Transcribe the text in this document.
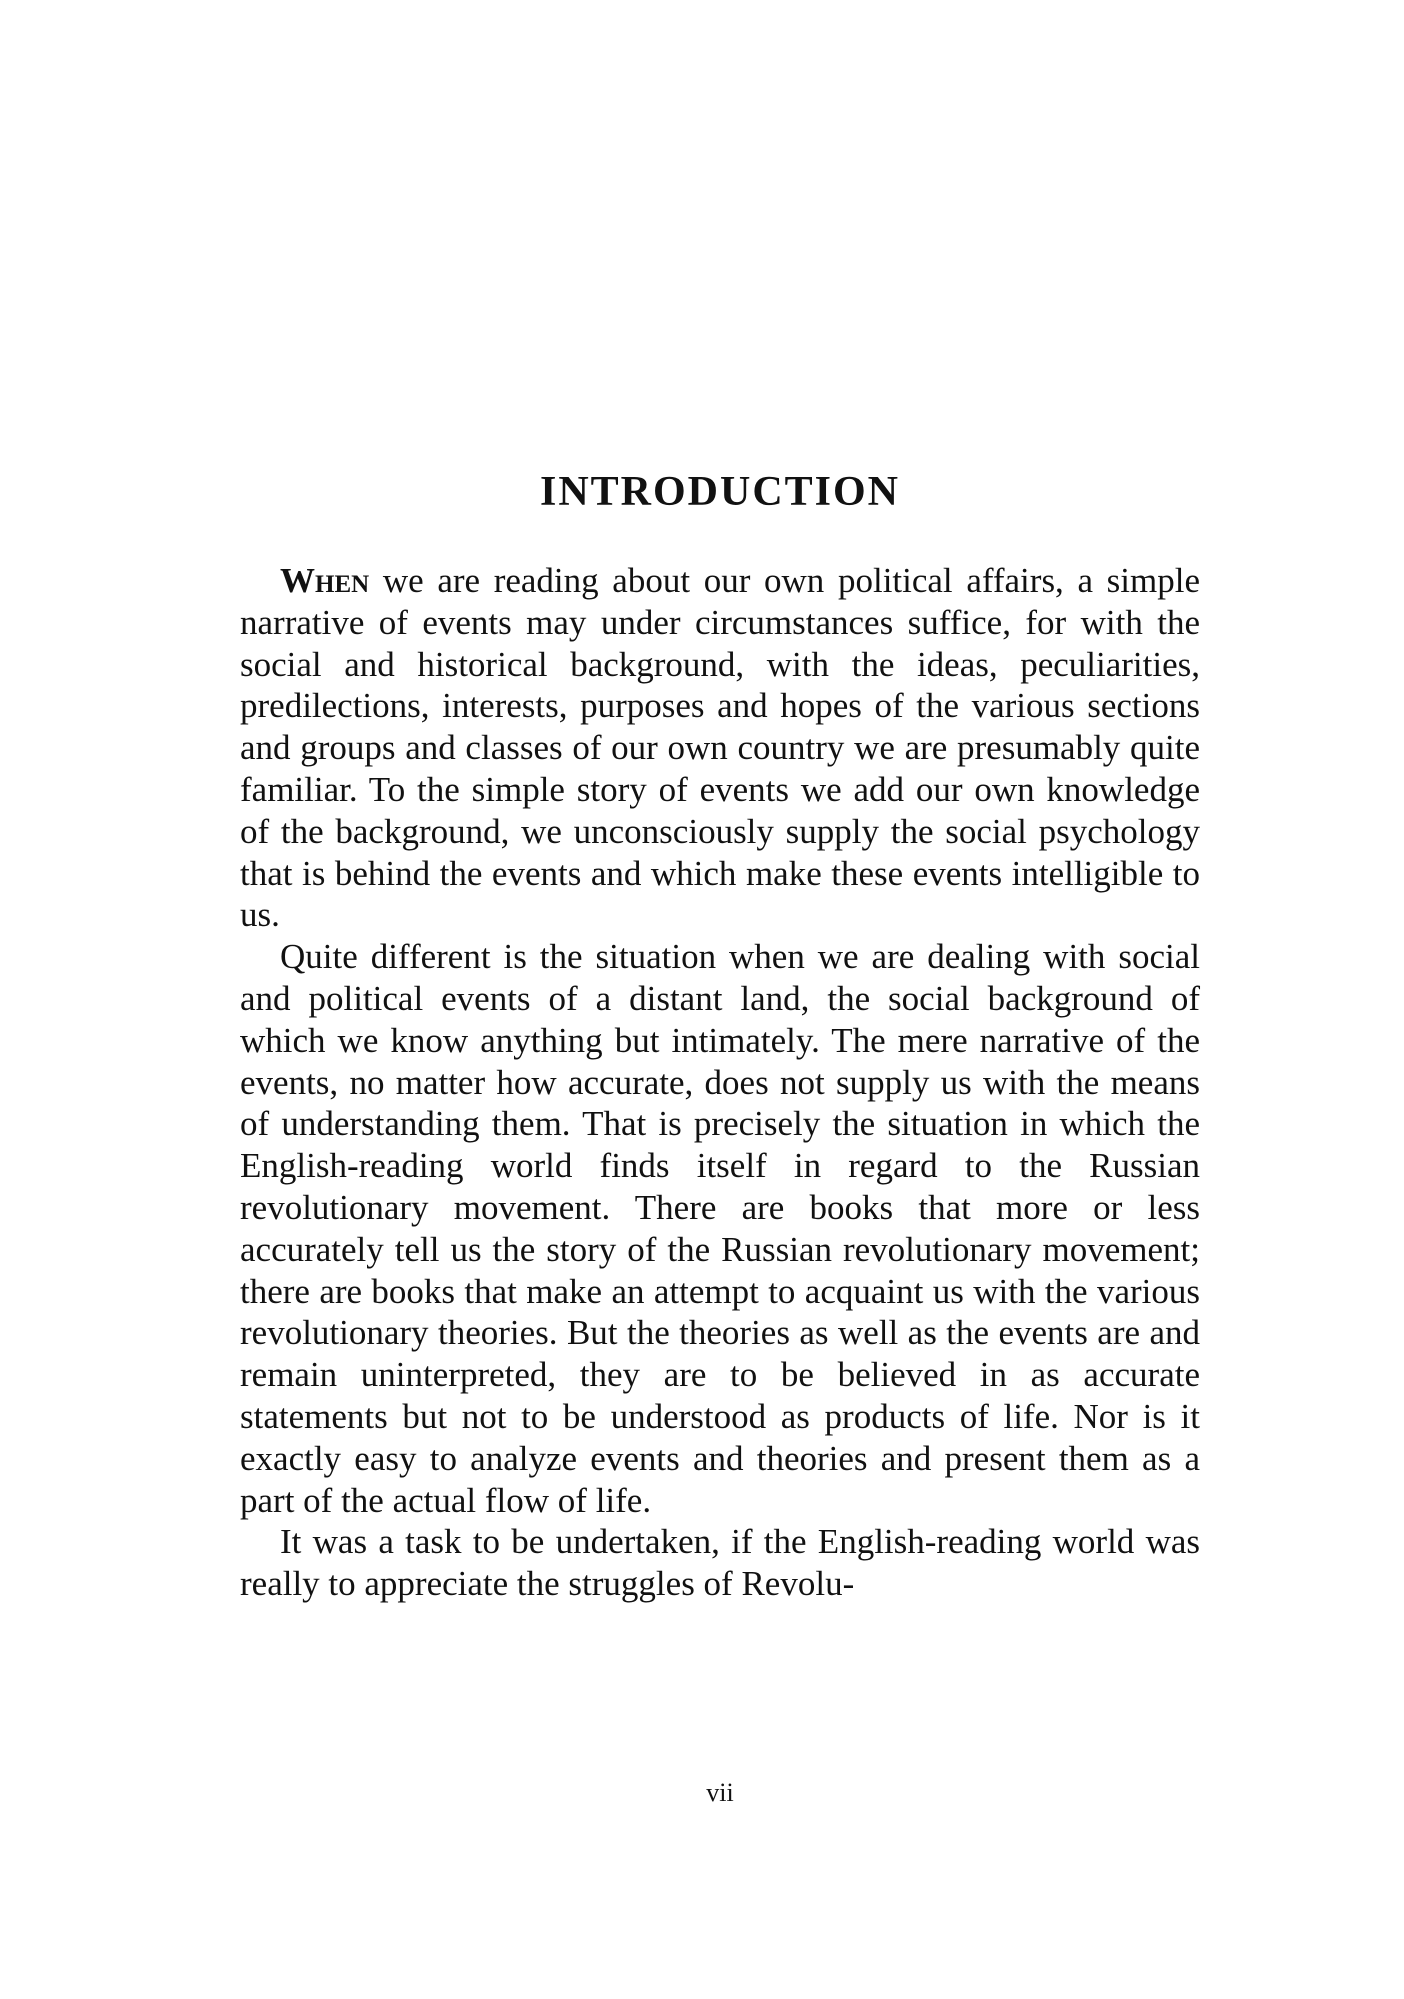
INTRODUCTION

When we are reading about our own political affairs, a simple narrative of events may under circumstances suffice, for with the social and historical background, with the ideas, peculiarities, predilections, interests, purposes and hopes of the various sections and groups and classes of our own country we are presumably quite familiar. To the simple story of events we add our own knowledge of the background, we unconsciously supply the social psychology that is behind the events and which make these events intelligible to us.

Quite different is the situation when we are dealing with social and political events of a distant land, the social background of which we know anything but intimately. The mere narrative of the events, no matter how accurate, does not supply us with the means of understanding them. That is precisely the situation in which the English-reading world finds itself in regard to the Russian revolutionary movement. There are books that more or less accurately tell us the story of the Russian revolutionary movement; there are books that make an attempt to acquaint us with the various revolutionary theories. But the theories as well as the events are and remain uninterpreted, they are to be believed in as accurate statements but not to be understood as products of life. Nor is it exactly easy to analyze events and theories and present them as a part of the actual flow of life.

It was a task to be undertaken, if the English-reading world was really to appreciate the struggles of Revolu-

vii
